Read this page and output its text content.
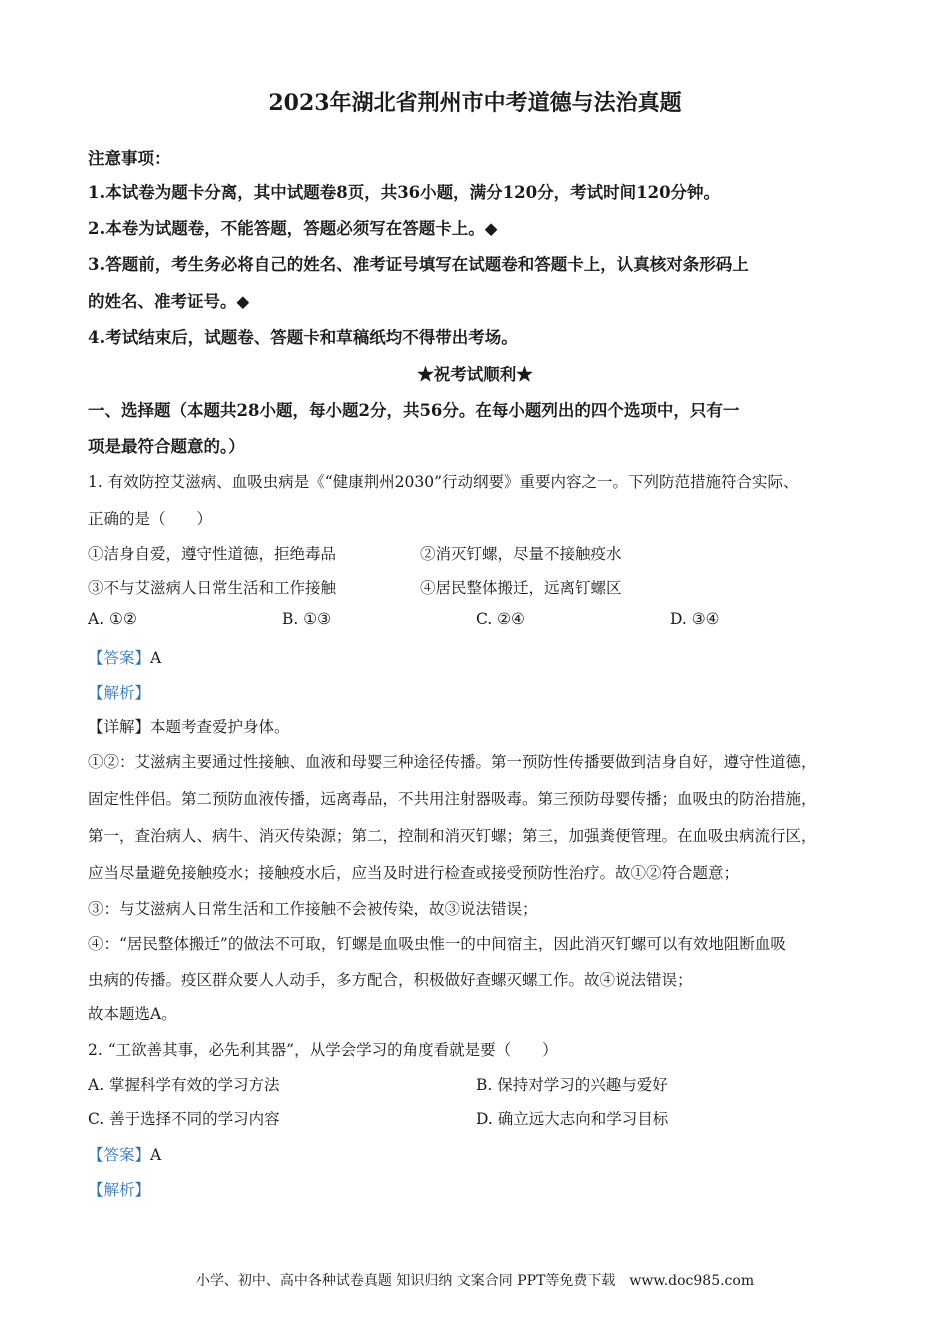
2023年湖北省荆州市中考道德与法治真题
注意事项：
1.本试卷为题卡分离，其中试题卷8页，共36小题，满分120分，考试时间120分钟。
2.本卷为试题卷，不能答题，答题必须写在答题卡上。◆
3.答题前，考生务必将自己的姓名、准考证号填写在试题卷和答题卡上，认真核对条形码上
的姓名、准考证号。◆
4.考试结束后，试题卷、答题卡和草稿纸均不得带出考场。
★祝考试顺利★
一、选择题（本题共28小题，每小题2分，共56分。在每小题列出的四个选项中，只有一
项是最符合题意的。）
1. 有效防控艾滋病、血吸虫病是《“健康荆州2030”行动纲要》重要内容之一。下列防范措施符合实际、
正确的是（　　）
①洁身自爱，遵守性道德，拒绝毒品	②消灭钉螺，尽量不接触疫水
③不与艾滋病人日常生活和工作接触	④居民整体搬迁，远离钉螺区
A. ①②	B. ①③	C. ②④	D. ③④
【答案】A
【解析】
【详解】本题考查爱护身体。
①②：艾滋病主要通过性接触、血液和母婴三种途径传播。第一预防性传播要做到洁身自好，遵守性道德，
固定性伴侣。第二预防血液传播，远离毒品，不共用注射器吸毒。第三预防母婴传播；血吸虫的防治措施，
第一，查治病人、病牛、消灭传染源；第二，控制和消灭钉螺；第三，加强粪便管理。在血吸虫病流行区，
应当尽量避免接触疫水；接触疫水后，应当及时进行检查或接受预防性治疗。故①②符合题意；
③：与艾滋病人日常生活和工作接触不会被传染，故③说法错误；
④：“居民整体搬迁”的做法不可取，钉螺是血吸虫惟一的中间宿主，因此消灭钉螺可以有效地阻断血吸
虫病的传播。疫区群众要人人动手，多方配合，积极做好查螺灭螺工作。故④说法错误；
故本题选A。
2. “工欲善其事，必先利其器”，从学会学习的角度看就是要（　　）
A. 掌握科学有效的学习方法	B. 保持对学习的兴趣与爱好
C. 善于选择不同的学习内容	D. 确立远大志向和学习目标
【答案】A
【解析】
小学、初中、高中各种试卷真题 知识归纳 文案合同 PPT等免费下载　www.doc985.com
